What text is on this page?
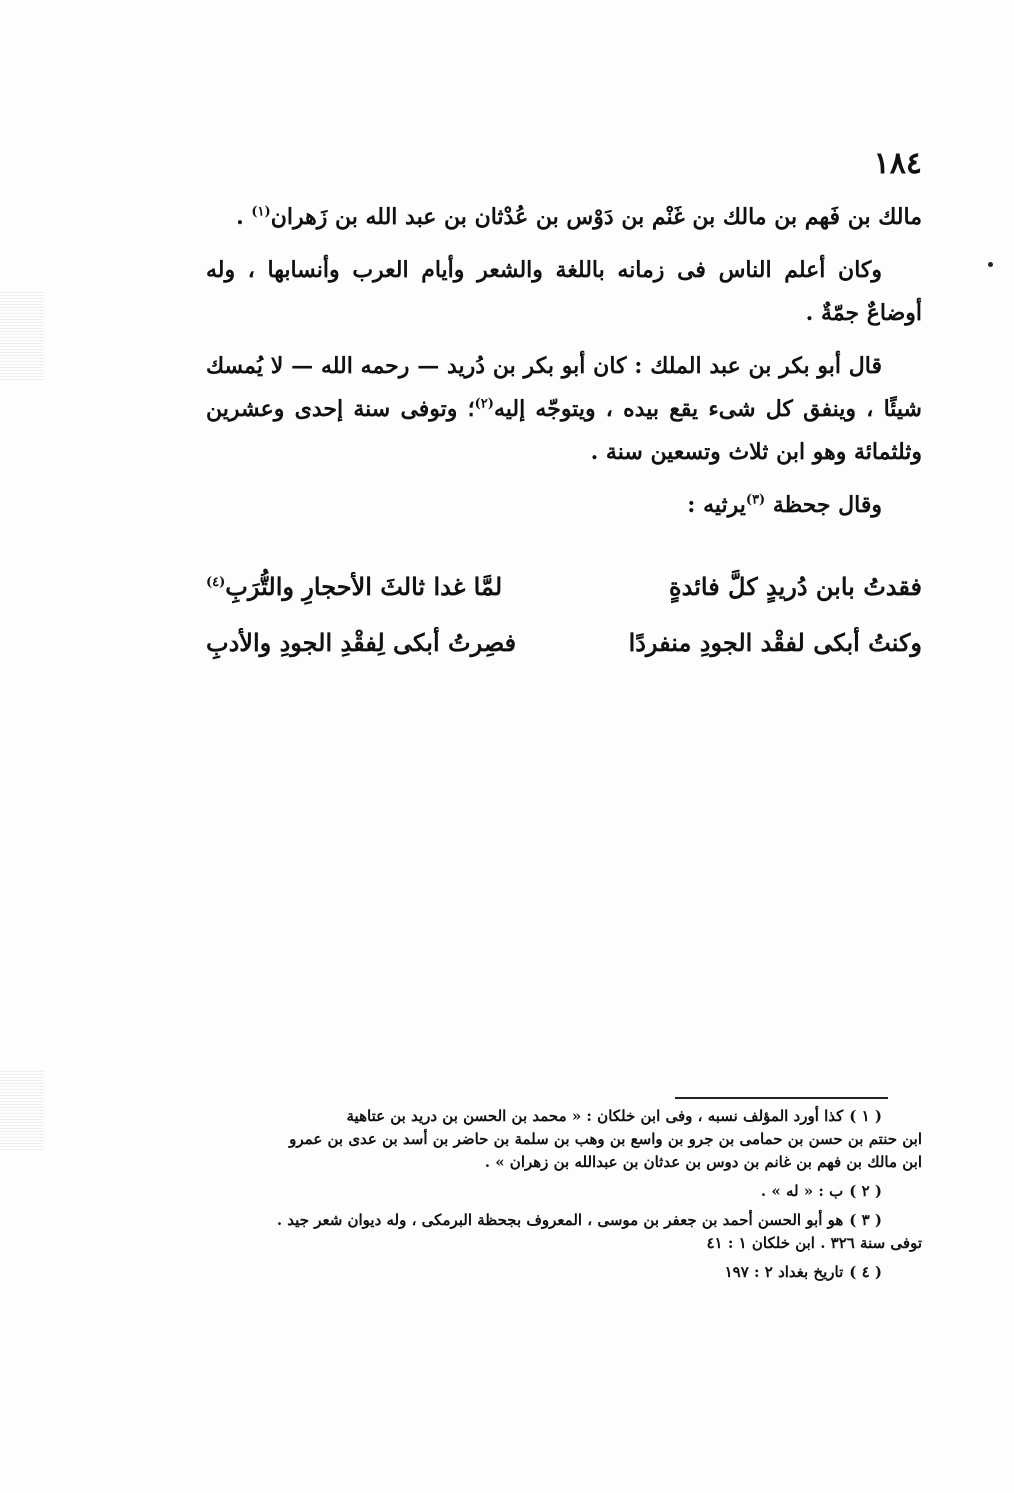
١٨٤

مالك بن فَهم بن مالك بن غَنْم بن دَوْس بن عُدْثان بن عبد الله بن زَهران$^{(١)}$ .

وكان أعلم الناس فى زمانه باللغة والشعر وأيام العرب وأنسابها ، وله أوضاعٌ جمّةٌ .

قال أبو بكر بن عبد الملك : كان أبو بكر بن دُريد — رحمه الله — لا يُمسك شيئًا ، وينفق كل شىء يقع بيده ، ويتوجّه إليه$^{(٢)}$؛ وتوفى سنة إحدى وعشرين وثلثمائة وهو ابن ثلاث وتسعين سنة .

وقال جحظة $^{(٣)}$يرثيه :

فقدتُ بابن دُريدٍ كلَّ فائدةٍ
لمَّا غدا ثالثَ الأحجارِ والتُّرَبِ$^{(٤)}$
وكنتُ أبكى لفقْد الجودِ منفردًا
فصِرتُ أبكى لِفقْدِ الجودِ والأدبِ

( ١ )كذا أورد المؤلف نسبه ، وفى ابن خلكان : « محمد بن الحسن بن دريد بن عتاهية
ابن حنتم بن حسن بن حمامى بن جرو بن واسع بن وهب بن سلمة بن حاضر بن أسد بن عدى بن عمرو
ابن مالك بن فهم بن غانم بن دوس بن عدثان بن عبدالله بن زهران » .

( ٢ )ب : « له » .

( ٣ )هو أبو الحسن أحمد بن جعفر بن موسى ، المعروف بجحظة البرمكى ، وله ديوان شعر جيد .
توفى سنة ٣٢٦ . ابن خلكان ١ : ٤١

( ٤ )تاريخ بغداد ٢ : ١٩٧
